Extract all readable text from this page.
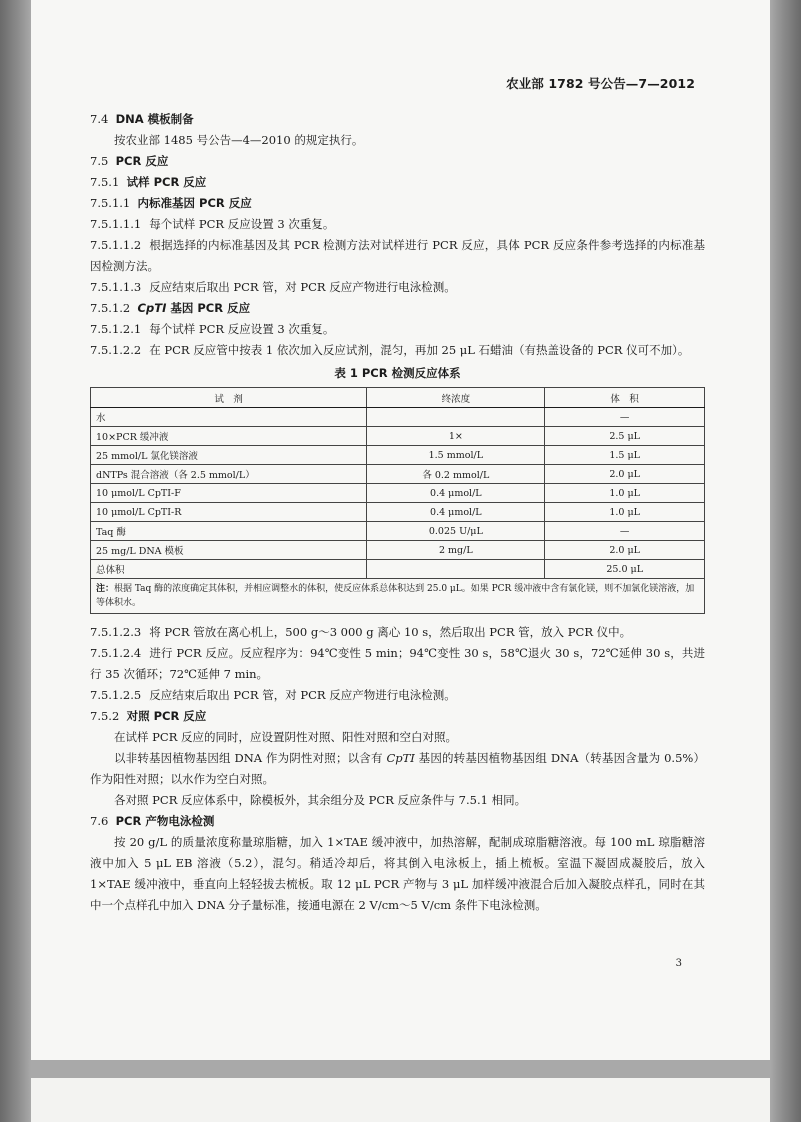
农业部 1782 号公告—7—2012
7.4 DNA 模板制备
按农业部 1485 号公告—4—2010 的规定执行。
7.5 PCR 反应
7.5.1 试样 PCR 反应
7.5.1.1 内标准基因 PCR 反应
7.5.1.1.1 每个试样 PCR 反应设置 3 次重复。
7.5.1.1.2 根据选择的内标准基因及其 PCR 检测方法对试样进行 PCR 反应，具体 PCR 反应条件参考选择的内标准基因检测方法。
7.5.1.1.3 反应结束后取出 PCR 管，对 PCR 反应产物进行电泳检测。
7.5.1.2 CpTI 基因 PCR 反应
7.5.1.2.1 每个试样 PCR 反应设置 3 次重复。
7.5.1.2.2 在 PCR 反应管中按表 1 依次加入反应试剂，混匀，再加 25 μL 石蜡油（有热盖设备的 PCR 仪可不加）。
表 1 PCR 检测反应体系
试　剂	终浓度	体　积
水		—
10×PCR 缓冲液	1×	2.5 μL
25 mmol/L 氯化镁溶液	1.5 mmol/L	1.5 μL
dNTPs 混合溶液（各 2.5 mmol/L）	各 0.2 mmol/L	2.0 μL
10 μmol/L CpTI-F	0.4 μmol/L	1.0 μL
10 μmol/L CpTI-R	0.4 μmol/L	1.0 μL
Taq 酶	0.025 U/μL	—
25 mg/L DNA 模板	2 mg/L	2.0 μL
总体积		25.0 μL
注：根据 Taq 酶的浓度确定其体积，并相应调整水的体积，使反应体系总体积达到 25.0 μL。如果 PCR 缓冲液中含有氯化镁，则不加氯化镁溶液，加等体积水。		
7.5.1.2.3 将 PCR 管放在离心机上，500 g～3 000 g 离心 10 s，然后取出 PCR 管，放入 PCR 仪中。
7.5.1.2.4 进行 PCR 反应。反应程序为：94℃变性 5 min；94℃变性 30 s，58℃退火 30 s，72℃延伸 30 s，共进行 35 次循环；72℃延伸 7 min。
7.5.1.2.5 反应结束后取出 PCR 管，对 PCR 反应产物进行电泳检测。
7.5.2 对照 PCR 反应
在试样 PCR 反应的同时，应设置阴性对照、阳性对照和空白对照。
以非转基因植物基因组 DNA 作为阴性对照；以含有 CpTI 基因的转基因植物基因组 DNA（转基因含量为 0.5%）作为阳性对照；以水作为空白对照。
各对照 PCR 反应体系中，除模板外，其余组分及 PCR 反应条件与 7.5.1 相同。
7.6 PCR 产物电泳检测
按 20 g/L 的质量浓度称量琼脂糖，加入 1×TAE 缓冲液中，加热溶解，配制成琼脂糖溶液。每 100 mL 琼脂糖溶液中加入 5 μL EB 溶液（5.2），混匀。稍适冷却后，将其倒入电泳板上，插上梳板。室温下凝固成凝胶后，放入 1×TAE 缓冲液中，垂直向上轻轻拔去梳板。取 12 μL PCR 产物与 3 μL 加样缓冲液混合后加入凝胶点样孔，同时在其中一个点样孔中加入 DNA 分子量标准，接通电源在 2 V/cm～5 V/cm 条件下电泳检测。
3
